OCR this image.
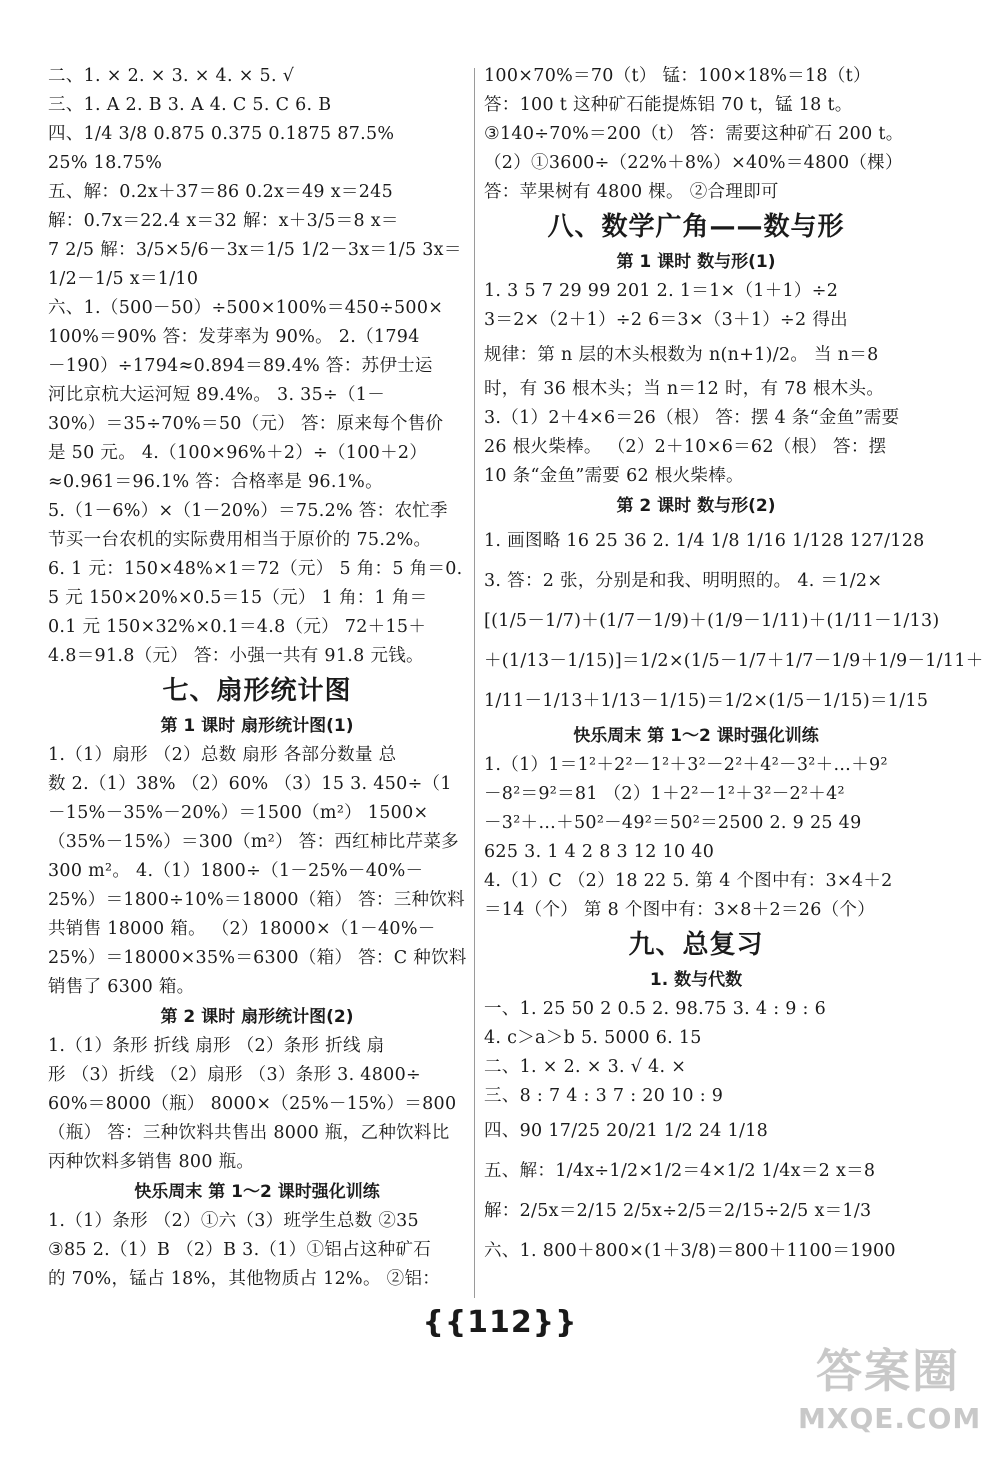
二、1. × 2. × 3. × 4. × 5. √
三、1. A 2. B 3. A 4. C 5. C 6. B
四、1/4 3/8 0.875 0.375 0.1875 87.5%
25% 18.75%
五、解：0.2x＋37＝86 0.2x＝49 x＝245
解：0.7x＝22.4 x＝32 解：x＋3/5＝8 x＝
7 2/5 解：3/5×5/6－3x＝1/5 1/2－3x＝1/5 3x＝
1/2－1/5 x＝1/10
六、1.（500－50）÷500×100%＝450÷500×
100%＝90% 答：发芽率为 90%。 2.（1794
－190）÷1794≈0.894＝89.4% 答：苏伊士运
河比京杭大运河短 89.4%。 3. 35÷（1－
30%）＝35÷70%＝50（元） 答：原来每个售价
是 50 元。 4.（100×96%＋2）÷（100＋2）
≈0.961＝96.1% 答：合格率是 96.1%。
5.（1－6%）×（1－20%）＝75.2% 答：农忙季
节买一台农机的实际费用相当于原价的 75.2%。
6. 1 元：150×48%×1＝72（元） 5 角：5 角＝0.
5 元 150×20%×0.5＝15（元） 1 角：1 角＝
0.1 元 150×32%×0.1＝4.8（元） 72＋15＋
4.8＝91.8（元） 答：小强一共有 91.8 元钱。
七、扇形统计图
第 1 课时 扇形统计图(1)
1.（1）扇形 （2）总数 扇形 各部分数量 总
数 2.（1）38% （2）60% （3）15 3. 450÷（1
－15%－35%－20%）＝1500（m²） 1500×
（35%－15%）＝300（m²） 答：西红柿比芹菜多
300 m²。 4.（1）1800÷（1－25%－40%－
25%）＝1800÷10%＝18000（箱） 答：三种饮料
共销售 18000 箱。 （2）18000×（1－40%－
25%）＝18000×35%＝6300（箱） 答：C 种饮料
销售了 6300 箱。
第 2 课时 扇形统计图(2)
1.（1）条形 折线 扇形 （2）条形 折线 扇
形 （3）折线 （2）扇形 （3）条形 3. 4800÷
60%＝8000（瓶） 8000×（25%－15%）＝800
（瓶） 答：三种饮料共售出 8000 瓶，乙种饮料比
丙种饮料多销售 800 瓶。
快乐周末 第 1～2 课时强化训练
1.（1）条形 （2）①六（3）班学生总数 ②35
③85 2.（1）B （2）B 3.（1）①铝占这种矿石
的 70%，锰占 18%，其他物质占 12%。 ②铝：
100×70%＝70（t） 锰：100×18%＝18（t）
答：100 t 这种矿石能提炼铝 70 t，锰 18 t。
③140÷70%＝200（t） 答：需要这种矿石 200 t。
（2）①3600÷（22%＋8%）×40%＝4800（棵）
答：苹果树有 4800 棵。 ②合理即可
八、数学广角——数与形
第 1 课时 数与形(1)
1. 3 5 7 29 99 201 2. 1＝1×（1＋1）÷2
3＝2×（2＋1）÷2 6＝3×（3＋1）÷2 得出
规律：第 n 层的木头根数为 n(n+1)/2。 当 n＝8
时，有 36 根木头；当 n＝12 时，有 78 根木头。
3.（1）2＋4×6＝26（根） 答：摆 4 条“金鱼”需要
26 根火柴棒。 （2）2＋10×6＝62（根） 答：摆
10 条“金鱼”需要 62 根火柴棒。
第 2 课时 数与形(2)
1. 画图略 16 25 36 2. 1/4 1/8 1/16 1/128 127/128
3. 答：2 张，分别是和我、明明照的。 4. ＝1/2×
[(1/5－1/7)＋(1/7－1/9)＋(1/9－1/11)＋(1/11－1/13)
＋(1/13－1/15)]＝1/2×(1/5－1/7＋1/7－1/9＋1/9－1/11＋
1/11－1/13＋1/13－1/15)＝1/2×(1/5－1/15)＝1/15
快乐周末 第 1～2 课时强化训练
1.（1）1＝1²＋2²－1²＋3²－2²＋4²－3²＋…＋9²
－8²＝9²＝81 （2）1＋2²－1²＋3²－2²＋4²
－3²＋…＋50²－49²＝50²＝2500 2. 9 25 49
625 3. 1 4 2 8 3 12 10 40
4.（1）C （2）18 22 5. 第 4 个图中有：3×4＋2
＝14（个） 第 8 个图中有：3×8＋2＝26（个）
九、总复习
1. 数与代数
一、1. 25 50 2 0.5 2. 98.75 3. 4 : 9 : 6
4. c＞a＞b 5. 5000 6. 15
二、1. × 2. × 3. √ 4. ×
三、8 : 7 4 : 3 7 : 20 10 : 9
四、90 17/25 20/21 1/2 24 1/18
五、解：1/4x÷1/2×1/2＝4×1/2 1/4x＝2 x＝8
解：2/5x＝2/15 2/5x÷2/5＝2/15÷2/5 x＝1/3
六、1. 800＋800×(1＋3/8)＝800＋1100＝1900
{{112}}
答案圈
MXQE.COM
